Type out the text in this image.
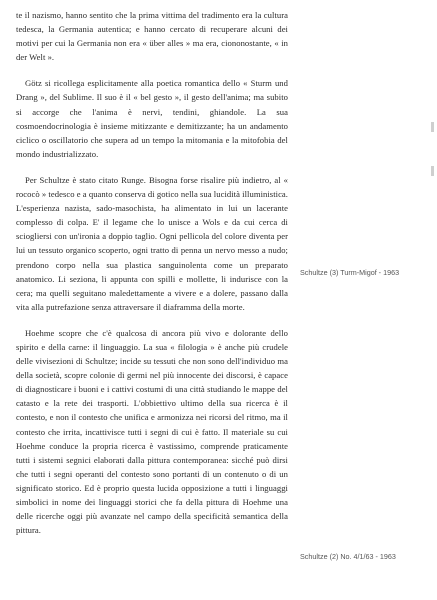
te il nazismo, hanno sentito che la prima vittima del tradimento era la cultura tedesca, la Germania autentica; e hanno cercato di recuperare alcuni dei motivi per cui la Germania non era « über alles » ma era, ciononostante, « in der Welt ».

Götz si ricollega esplicitamente alla poetica romantica dello « Sturm und Drang », del Sublime. Il suo è il « bel gesto », il gesto dell'anima; ma subito si accorge che l'anima è nervi, tendini, ghiandole. La sua cosmoendocrinologia è insieme mitizzante e demitizzante; ha un andamento ciclico o oscillatorio che supera ad un tempo la mitomania e la mitofobia del mondo industrializzato.

Per Schultze è stato citato Runge. Bisogna forse risalire più indietro, al « rococò » tedesco e a quanto conserva di gotico nella sua lucidità illuministica. L'esperienza nazista, sado-masochista, ha alimentato in lui un lacerante complesso di colpa. E' il legame che lo unisce a Wols e da cui cerca di sciogliersi con un'ironia a doppio taglio. Ogni pellicola del colore diventa per lui un tessuto organico scoperto, ogni tratto di penna un nervo messo a nudo; prendono corpo nella sua plastica sanguinolenta come un preparato anatomico. Li seziona, li appunta con spilli e mollette, li indurisce con la cera; ma quelli seguitano maledettamente a vivere e a dolere, passano dalla vita alla putrefazione senza attraversare il diaframma della morte.

Hoehme scopre che c'è qualcosa di ancora più vivo e dolorante dello spirito e della carne: il linguaggio. La sua « filologia » è anche più crudele delle vivisezioni di Schultze; incide su tessuti che non sono dell'individuo ma della società, scopre colonie di germi nel più innocente dei discorsi, è capace di diagnosticare i buoni e i cattivi costumi di una città studiando le mappe del catasto e la rete dei trasporti. L'obbiettivo ultimo della sua ricerca è il contesto, e non il contesto che unifica e armonizza nei ricorsi del ritmo, ma il contesto che irrita, incattivisce tutti i segni di cui è fatto. Il materiale su cui Hoehme conduce la propria ricerca è vastissimo, comprende praticamente tutti i sistemi segnici elaborati dalla pittura contemporanea: sicché può dirsi che tutti i segni operanti del contesto sono portanti di un contenuto o di un significato storico. Ed è proprio questa lucida opposizione a tutti i linguaggi simbolici in nome dei linguaggi storici che fa della pittura di Hoehme una delle ricerche oggi più avanzate nel campo della specificità semantica della pittura.

Schultze (3) Turm-Migof - 1963
Schultze (2) No. 4/1/63 - 1963
